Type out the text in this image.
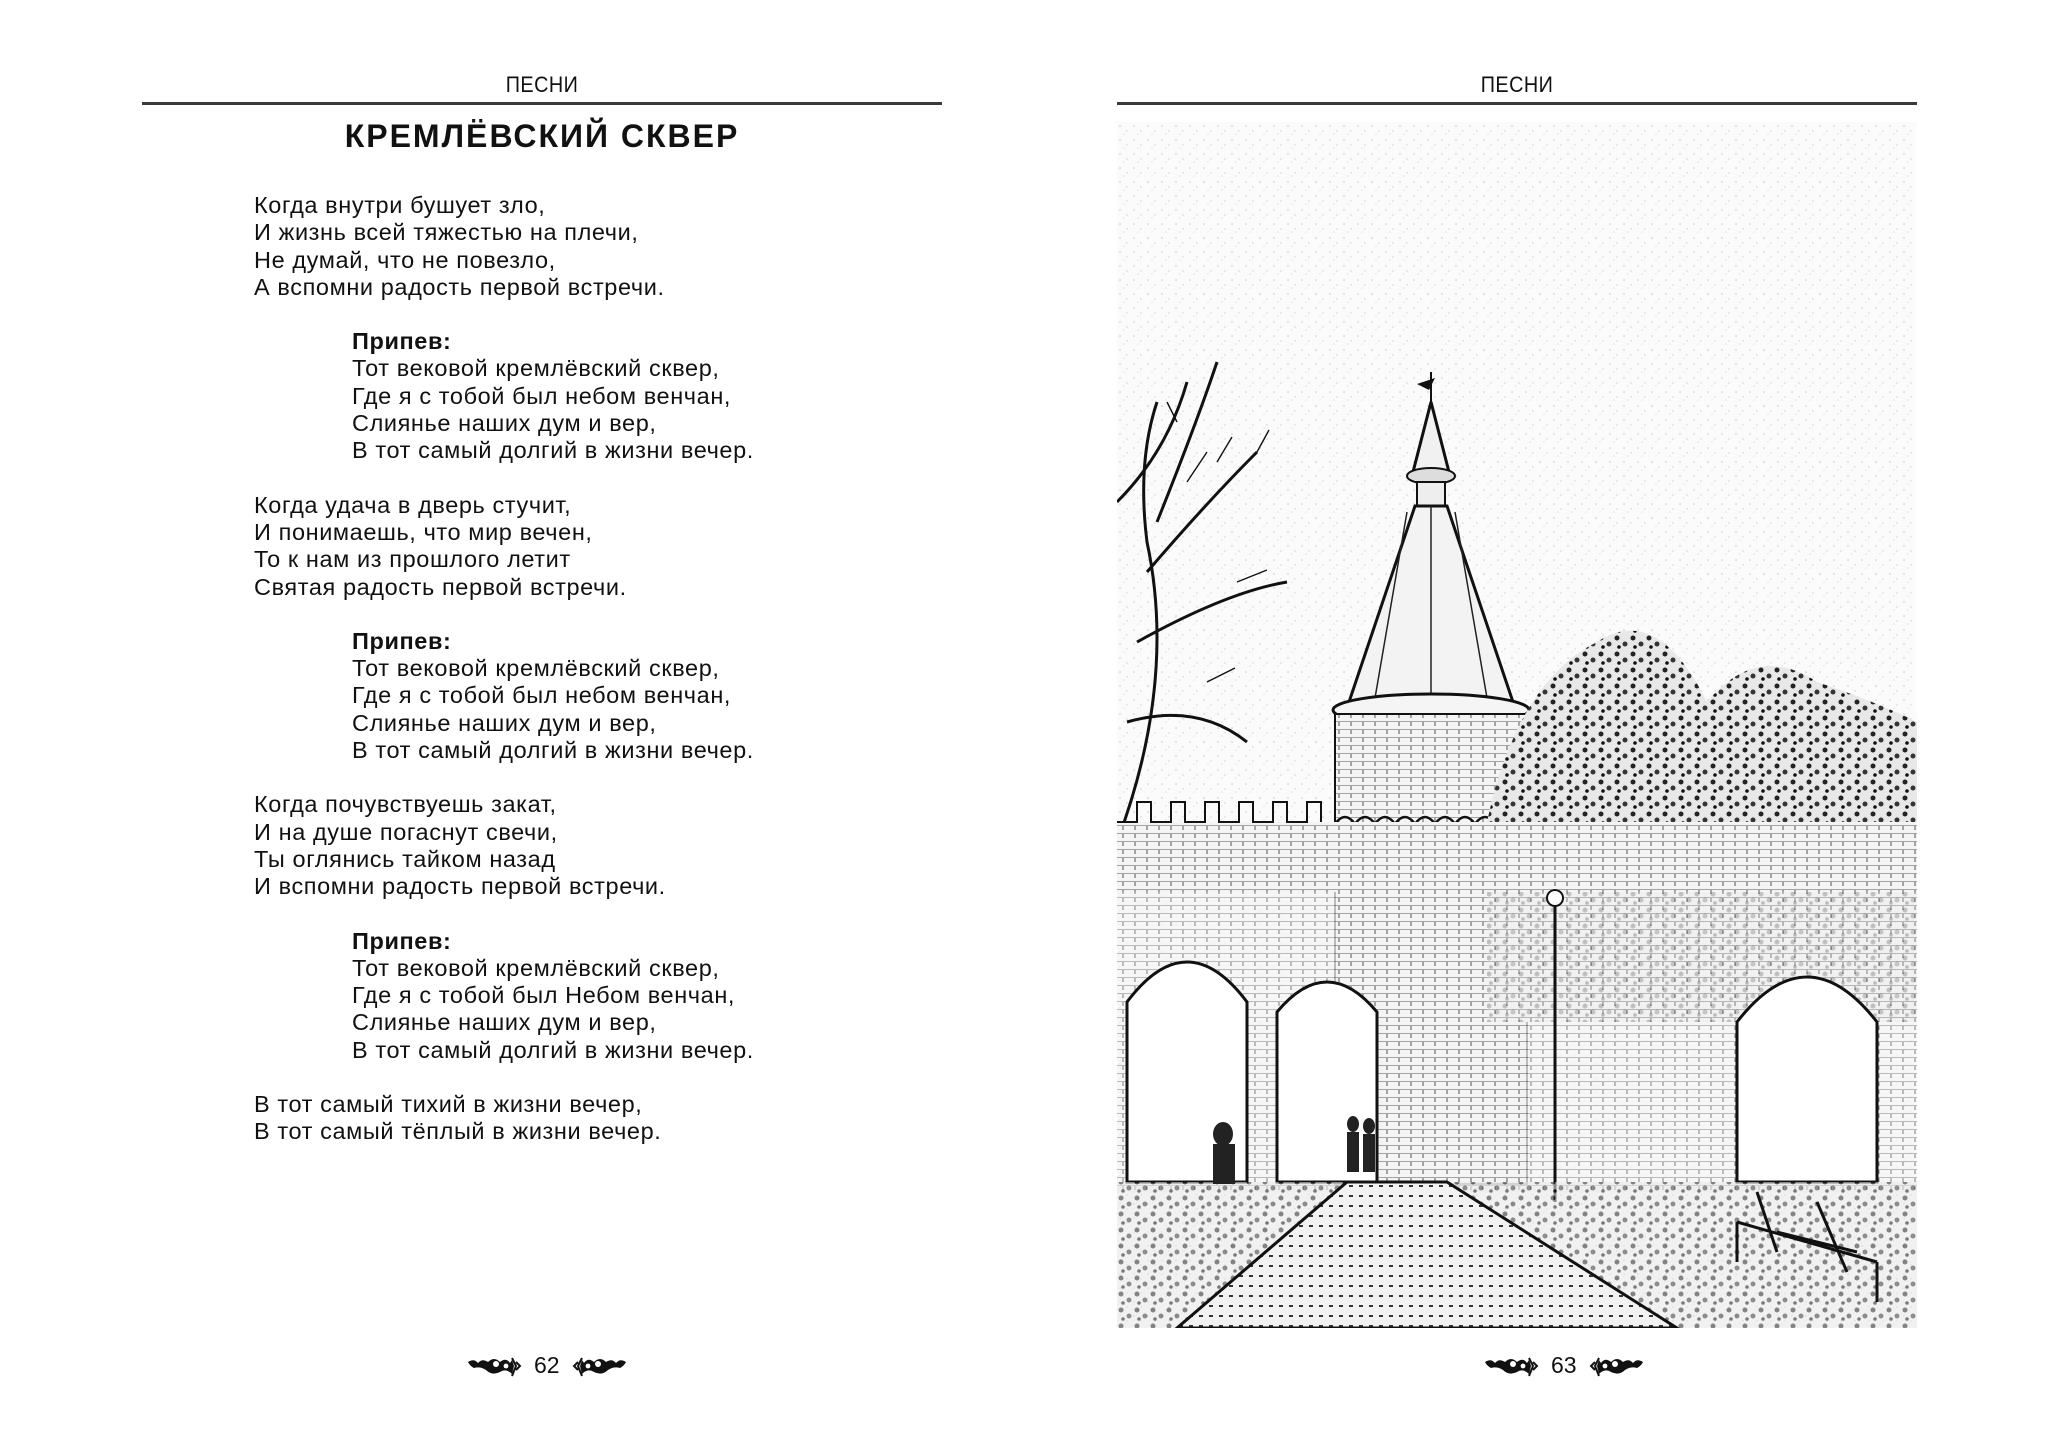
ПЕСНИ
КРЕМЛЁВСКИЙ СКВЕР
Когда внутри бушует зло,
И жизнь всей тяжестью на плечи,
Не думай, что не повезло,
А вспомни радость первой встречи.
Припев:
Тот вековой кремлёвский сквер,
Где я с тобой был небом венчан,
Слиянье наших дум и вер,
В тот самый долгий в жизни вечер.
Когда удача в дверь стучит,
И понимаешь, что мир вечен,
То к нам из прошлого летит
Святая радость первой встречи.
Припев:
Тот вековой кремлёвский сквер,
Где я с тобой был небом венчан,
Слиянье наших дум и вер,
В тот самый долгий в жизни вечер.
Когда почувствуешь закат,
И на душе погаснут свечи,
Ты оглянись тайком назад
И вспомни радость первой встречи.
Припев:
Тот вековой кремлёвский сквер,
Где я с тобой был Небом венчан,
Слиянье наших дум и вер,
В тот самый долгий в жизни вечер.
В тот самый тихий в жизни вечер,
В тот самый тёплый в жизни вечер.
62
ПЕСНИ
63
